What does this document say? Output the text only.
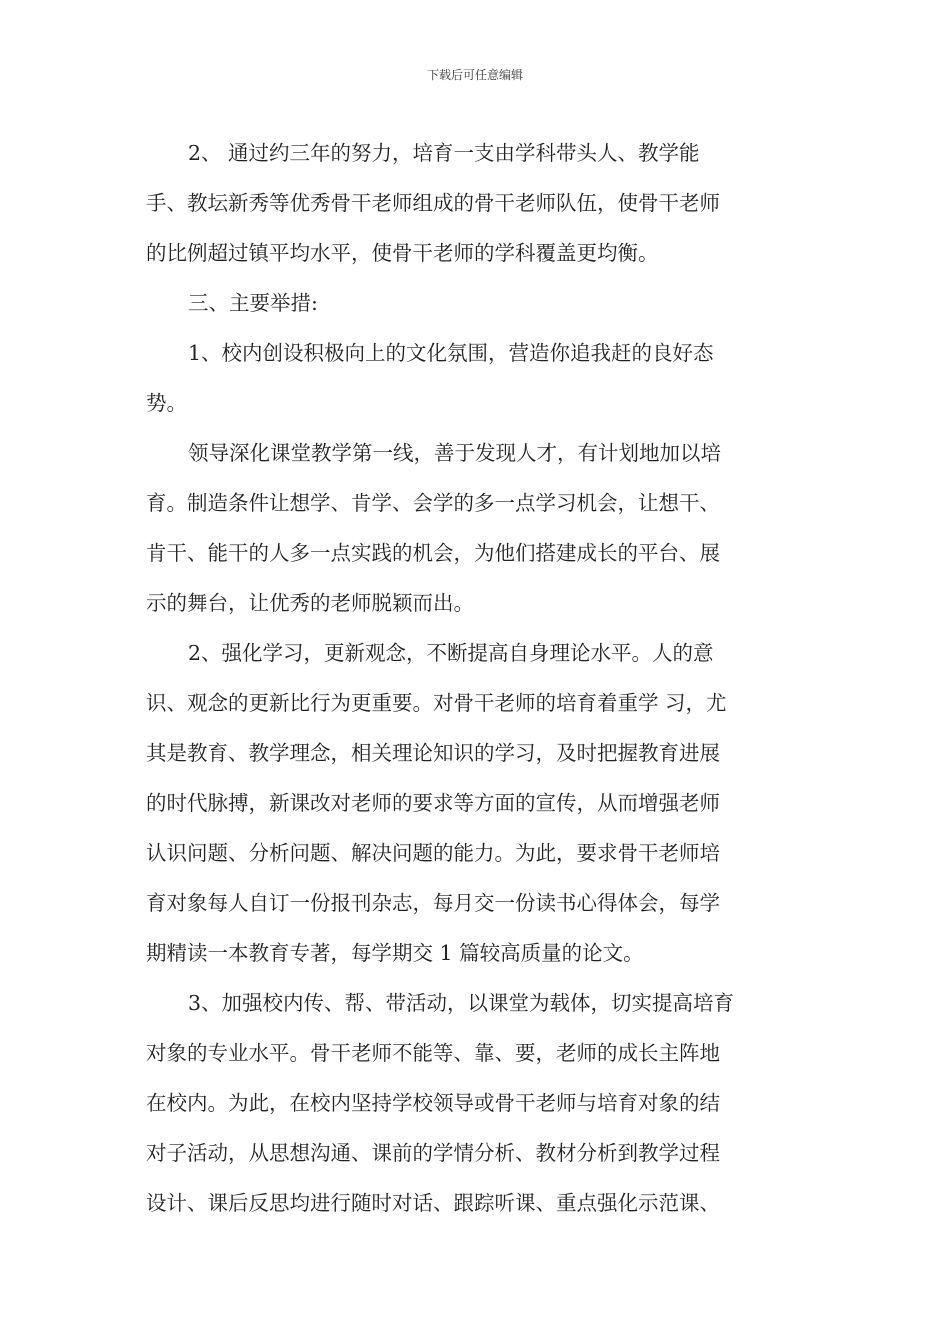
下载后可任意编辑
2、 通过约三年的努力，培育一支由学科带头人、教学能
手、教坛新秀等优秀骨干老师组成的骨干老师队伍，使骨干老师
的比例超过镇平均水平，使骨干老师的学科覆盖更均衡。
三、主要举措:
1、校内创设积极向上的文化氛围，营造你追我赶的良好态
势。
领导深化课堂教学第一线，善于发现人才，有计划地加以培
育。制造条件让想学、肯学、会学的多一点学习机会，让想干、
肯干、能干的人多一点实践的机会，为他们搭建成长的平台、展
示的舞台，让优秀的老师脱颖而出。
2、强化学习，更新观念，不断提高自身理论水平。人的意
识、观念的更新比行为更重要。对骨干老师的培育着重学 习，尤
其是教育、教学理念，相关理论知识的学习，及时把握教育进展
的时代脉搏，新课改对老师的要求等方面的宣传，从而增强老师
认识问题、分析问题、解决问题的能力。为此，要求骨干老师培
育对象每人自订一份报刊杂志，每月交一份读书心得体会，每学
期精读一本教育专著，每学期交 1 篇较高质量的论文。
3、加强校内传、帮、带活动，以课堂为载体，切实提高培育
对象的专业水平。骨干老师不能等、靠、要，老师的成长主阵地
在校内。为此，在校内坚持学校领导或骨干老师与培育对象的结
对子活动，从思想沟通、课前的学情分析、教材分析到教学过程
设计、课后反思均进行随时对话、跟踪听课、重点强化示范课、
